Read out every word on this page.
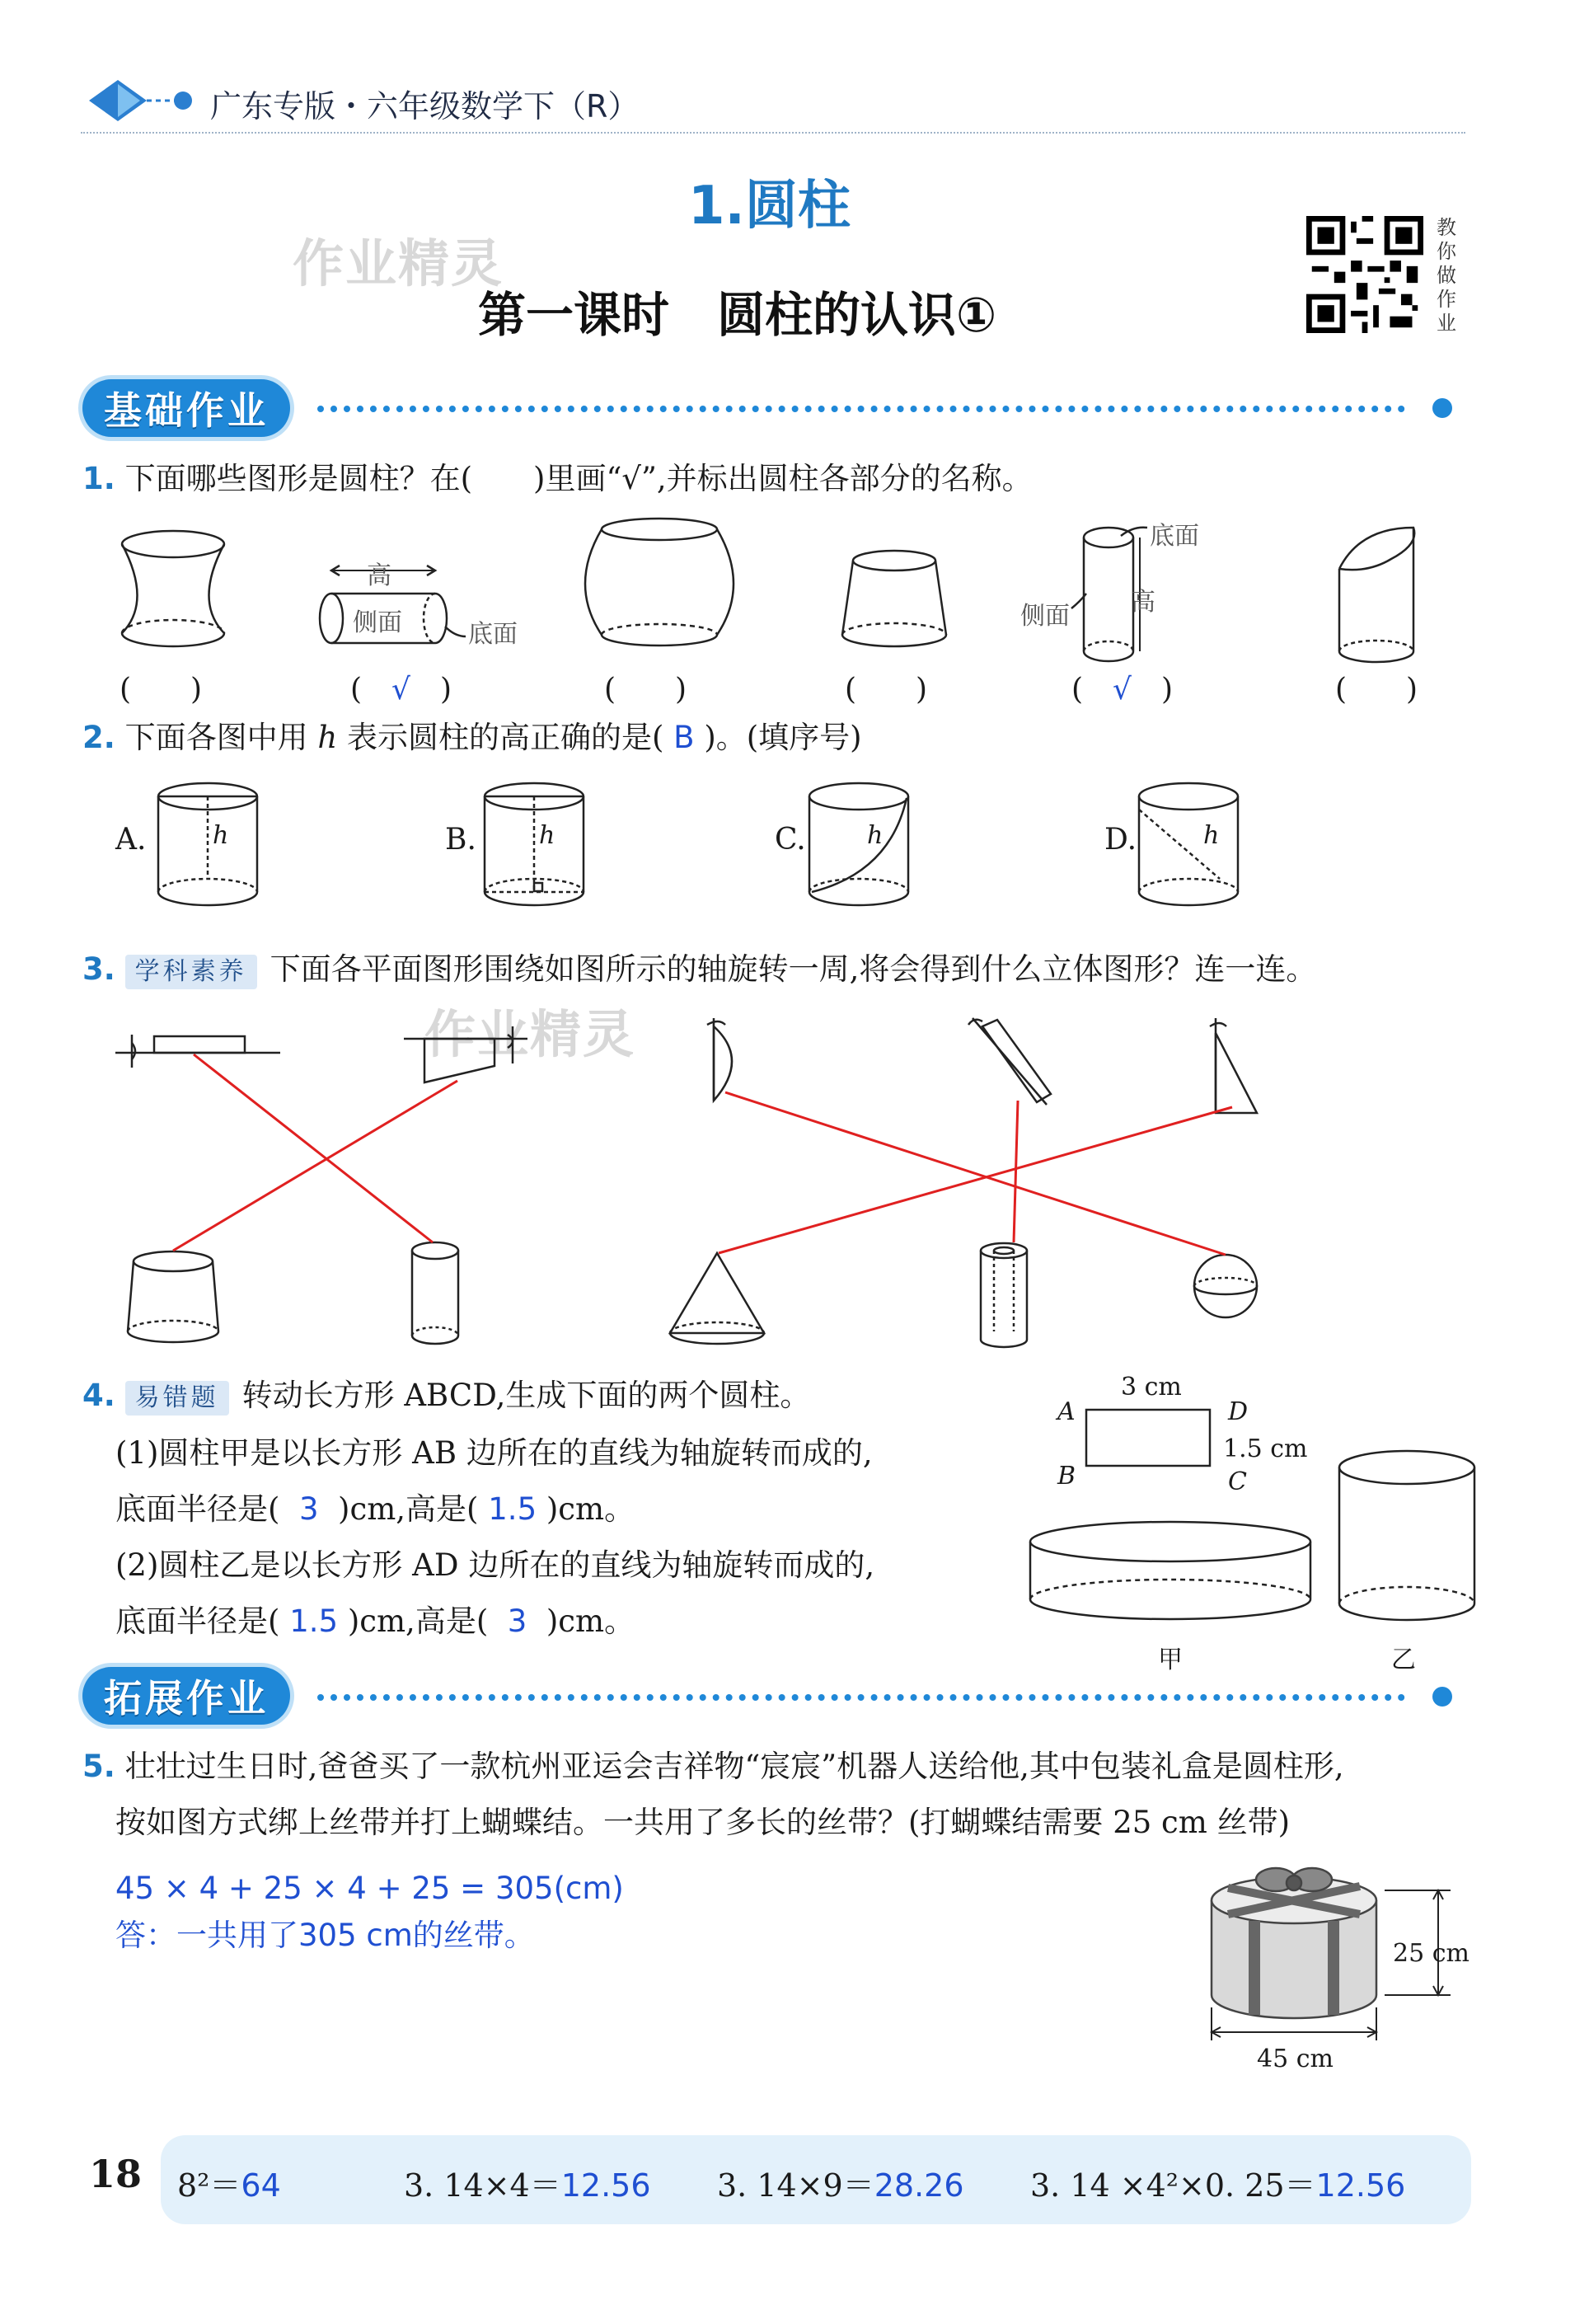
广东专版・六年级数学下（R）
作业精灵
1.圆柱
第一课时　圆柱的认识①
教
你
做
作
业
基础作业
1. 下面哪些图形是圆柱？在(　　)里画“√”,并标出圆柱各部分的名称。
高
侧面	底面
底面
侧面 高
(　　)	(　√　)	(　　)	(　　)	(　√　)	(　　)
2. 下面各图中用 h 表示圆柱的高正确的是( B )。(填序号)
A.	B.	C.	D.
h	h	h	h
3. 学科素养 下面各平面图形围绕如图所示的轴旋转一周,将会得到什么立体图形？连一连。
作业精灵
4. 易错题 转动长方形 ABCD,生成下面的两个圆柱。
(1)圆柱甲是以长方形 AB 边所在的直线为轴旋转而成的,
底面半径是( 3 )cm,高是( 1.5 )cm。
(2)圆柱乙是以长方形 AD 边所在的直线为轴旋转而成的,
底面半径是( 1.5 )cm,高是( 3 )cm。
3 cm
1.5 cm
A
B	C
D
甲	乙
拓展作业
5. 壮壮过生日时,爸爸买了一款杭州亚运会吉祥物“宸宸”机器人送给他,其中包装礼盒是圆柱形,
按如图方式绑上丝带并打上蝴蝶结。一共用了多长的丝带？(打蝴蝶结需要 25 cm 丝带)
45 × 4 + 25 × 4 + 25 = 305(cm)
答：一共用了305 cm的丝带。
25 cm
45 cm
18 8²＝64	3. 14×4＝12.56 3. 14×9＝28.26 3. 14 ×4²×0. 25＝12.56
